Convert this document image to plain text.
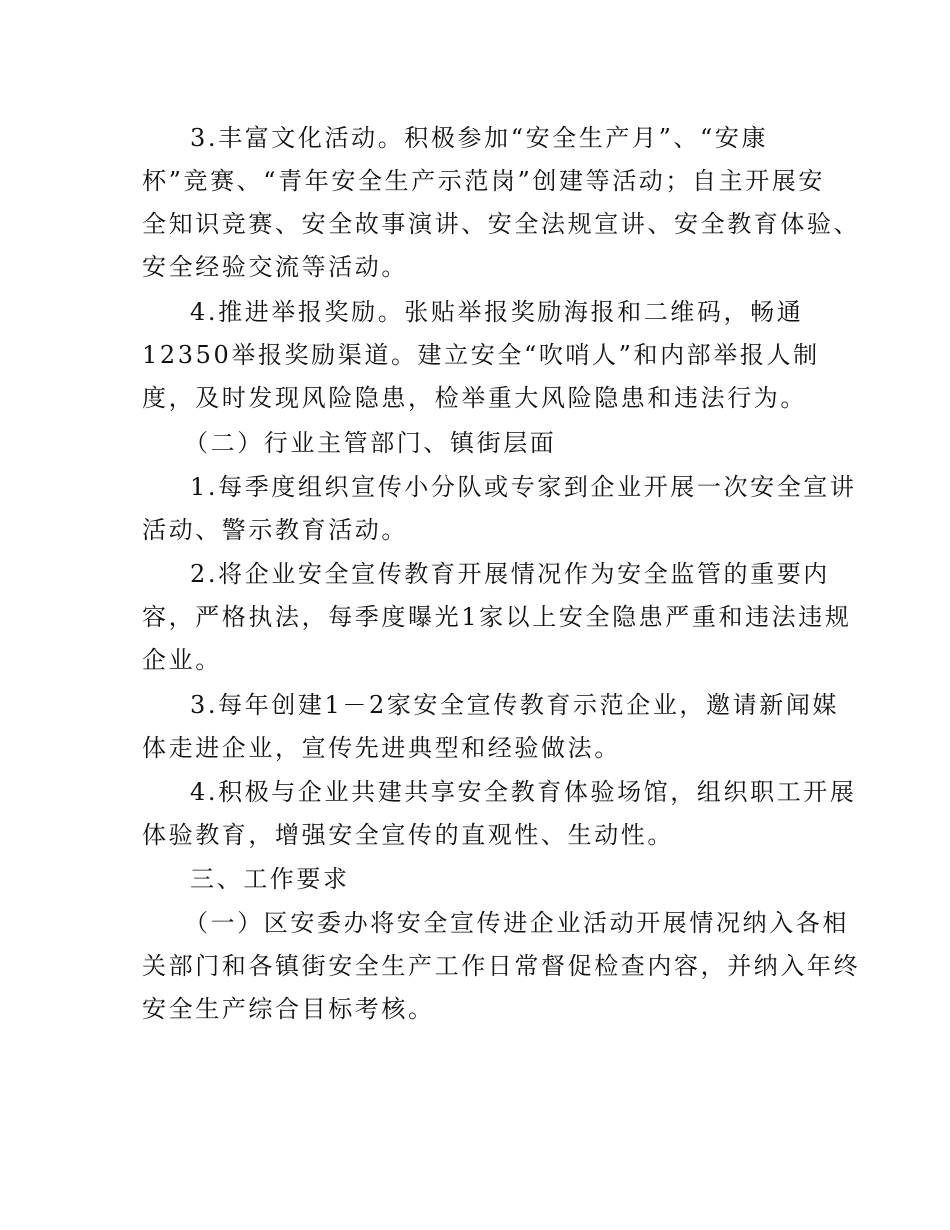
3.丰富文化活动。积极参加“安全生产月”、“安康
杯”竞赛、“青年安全生产示范岗”创建等活动；自主开展安
全知识竞赛、安全故事演讲、安全法规宣讲、安全教育体验、
安全经验交流等活动。
4.推进举报奖励。张贴举报奖励海报和二维码，畅通
12350举报奖励渠道。建立安全“吹哨人”和内部举报人制
度，及时发现风险隐患，检举重大风险隐患和违法行为。
（二）行业主管部门、镇街层面
1.每季度组织宣传小分队或专家到企业开展一次安全宣讲
活动、警示教育活动。
2.将企业安全宣传教育开展情况作为安全监管的重要内
容，严格执法，每季度曝光1家以上安全隐患严重和违法违规
企业。
3.每年创建1－2家安全宣传教育示范企业，邀请新闻媒
体走进企业，宣传先进典型和经验做法。
4.积极与企业共建共享安全教育体验场馆，组织职工开展
体验教育，增强安全宣传的直观性、生动性。
三、工作要求
（一）区安委办将安全宣传进企业活动开展情况纳入各相
关部门和各镇街安全生产工作日常督促检查内容，并纳入年终
安全生产综合目标考核。
